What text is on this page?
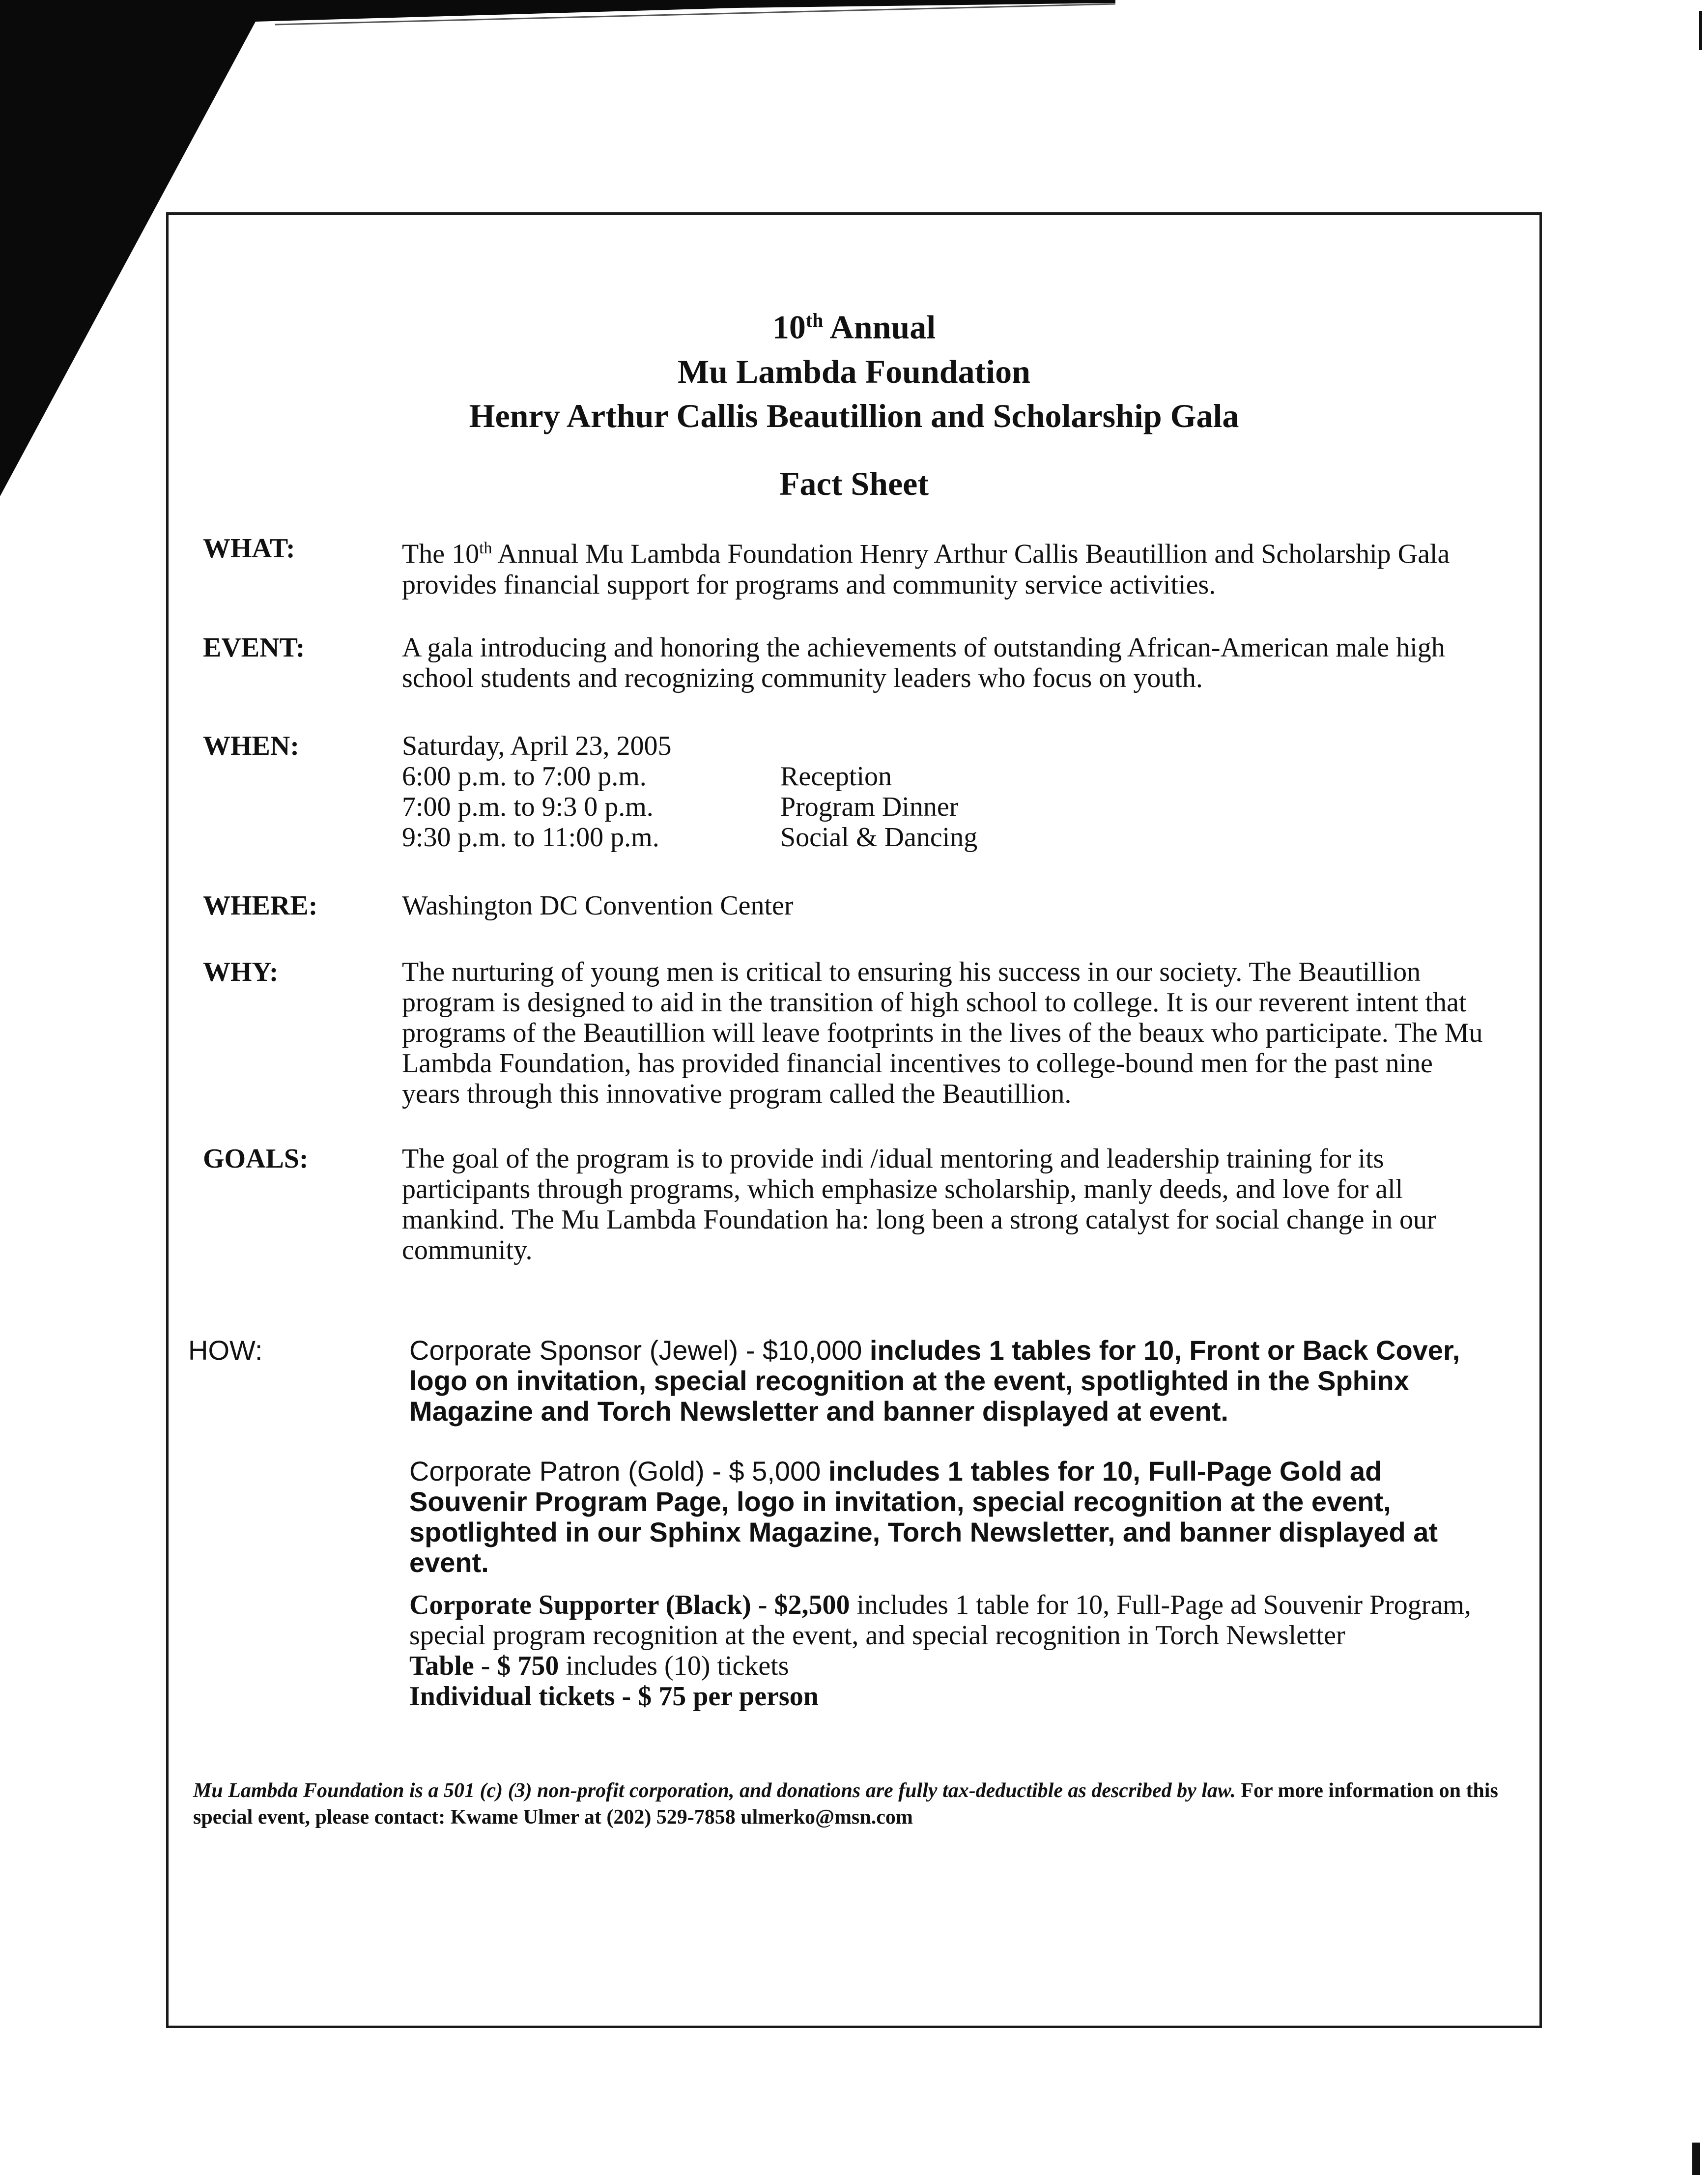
10th Annual
Mu Lambda Foundation
Henry Arthur Callis Beautillion and Scholarship Gala
Fact Sheet
WHAT:	The 10th Annual Mu Lambda Foundation Henry Arthur Callis Beautillion and Scholarship Gala provides financial support for programs and community service activities.
EVENT:	A gala introducing and honoring the achievements of outstanding African-American male high school students and recognizing community leaders who focus on youth.
WHEN:	Saturday, April 23, 2005
6:00 p.m. to 7:00 p.m.	Reception
7:00 p.m. to 9:3 0 p.m.	Program Dinner
9:30 p.m. to 11:00 p.m.	Social & Dancing
WHERE:	Washington DC Convention Center
WHY:	The nurturing of young men is critical to ensuring his success in our society. The Beautillion program is designed to aid in the transition of high school to college. It is our reverent intent that programs of the Beautillion will leave footprints in the lives of the beaux who participate. The Mu Lambda Foundation, has provided financial incentives to college-bound men for the past nine years through this innovative program called the Beautillion.
GOALS:	The goal of the program is to provide indi /idual mentoring and leadership training for its participants through programs, which emphasize scholarship, manly deeds, and love for all mankind. The Mu Lambda Foundation ha: long been a strong catalyst for social change in our community.
HOW:	Corporate Sponsor (Jewel) - $10,000 includes 1 tables for 10, Front or Back Cover, logo on invitation, special recognition at the event, spotlighted in the Sphinx Magazine and Torch Newsletter and banner displayed at event.
Corporate Patron (Gold) - $ 5,000 includes 1 tables for 10, Full-Page Gold ad Souvenir Program Page, logo in invitation, special recognition at the event, spotlighted in our Sphinx Magazine, Torch Newsletter, and banner displayed at event.
Corporate Supporter (Black) - $2,500 includes 1 table for 10, Full-Page ad Souvenir Program, special program recognition at the event, and special recognition in Torch Newsletter
Table - $ 750 includes (10) tickets
Individual tickets - $ 75 per person
Mu Lambda Foundation is a 501 (c) (3) non-profit corporation, and donations are fully tax-deductible as described by law. For more information on this special event, please contact: Kwame Ulmer at (202) 529-7858 ulmerko@msn.com
